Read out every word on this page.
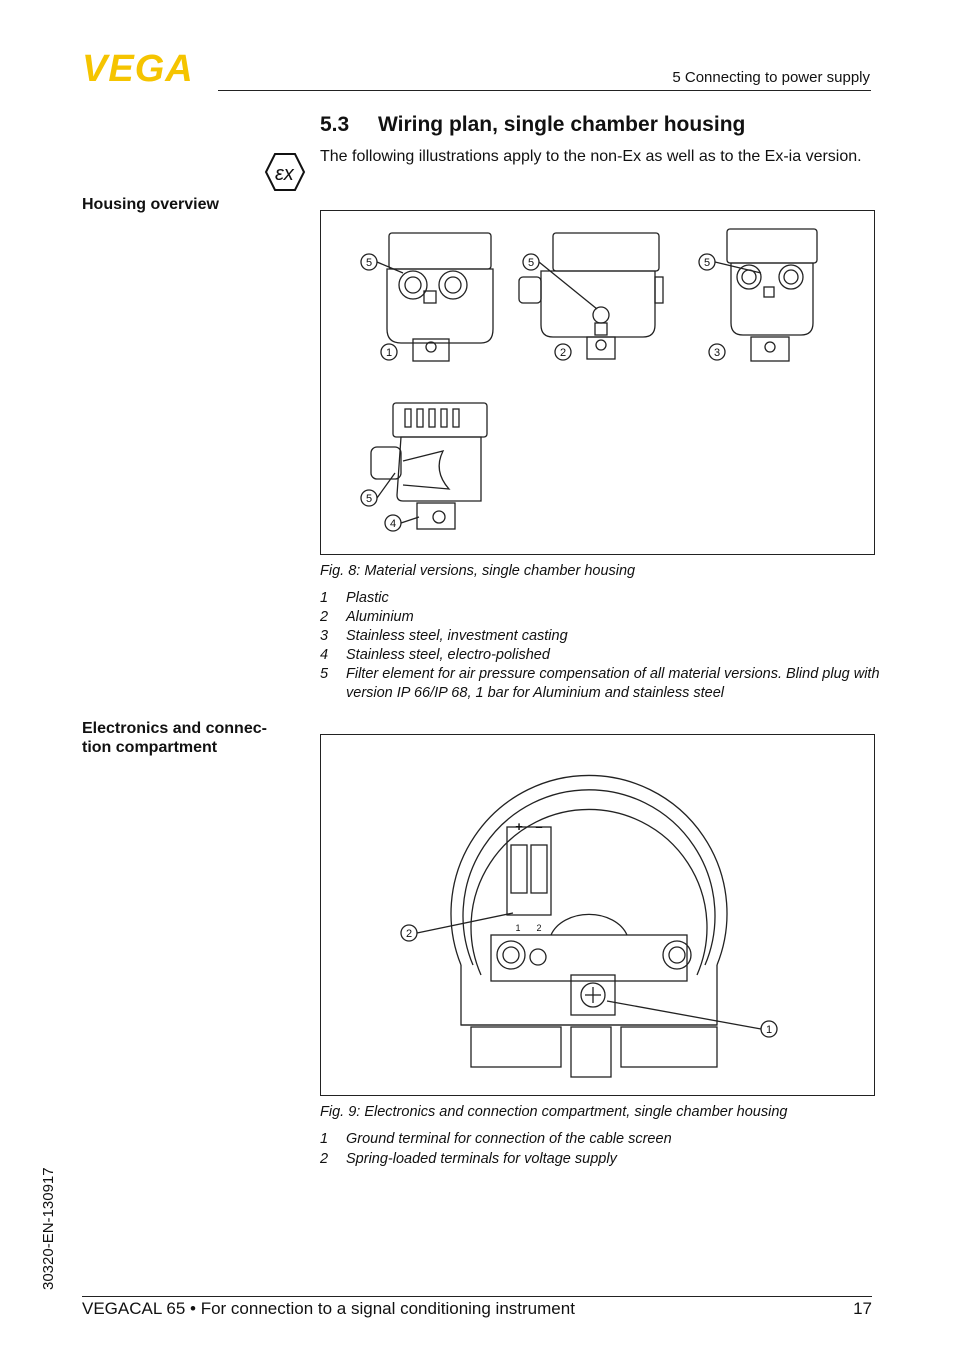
VEGA	5 Connecting to power supply
5.3 Wiring plan, single chamber housing
εx
The following illustrations apply to the non-Ex as well as to the Ex-ia version.
Housing overview
Electronics and connec-
tion compartment
5	5	5
1	2	3
5
4
Fig. 8: Material versions, single chamber housing
1	Plastic
2	Aluminium
3	Stainless steel, investment casting
4	Stainless steel, electro-polished
5	Filter element for air pressure compensation of all material versions. Blind plug with version IP 66/IP 68, 1 bar for Aluminium and stainless steel
+ –
1 2
2
1
Fig. 9: Electronics and connection compartment, single chamber housing
1	Ground terminal for connection of the cable screen
2	Spring-loaded terminals for voltage supply
30320-EN-130917
VEGACAL 65 • For connection to a signal conditioning instrument	17
